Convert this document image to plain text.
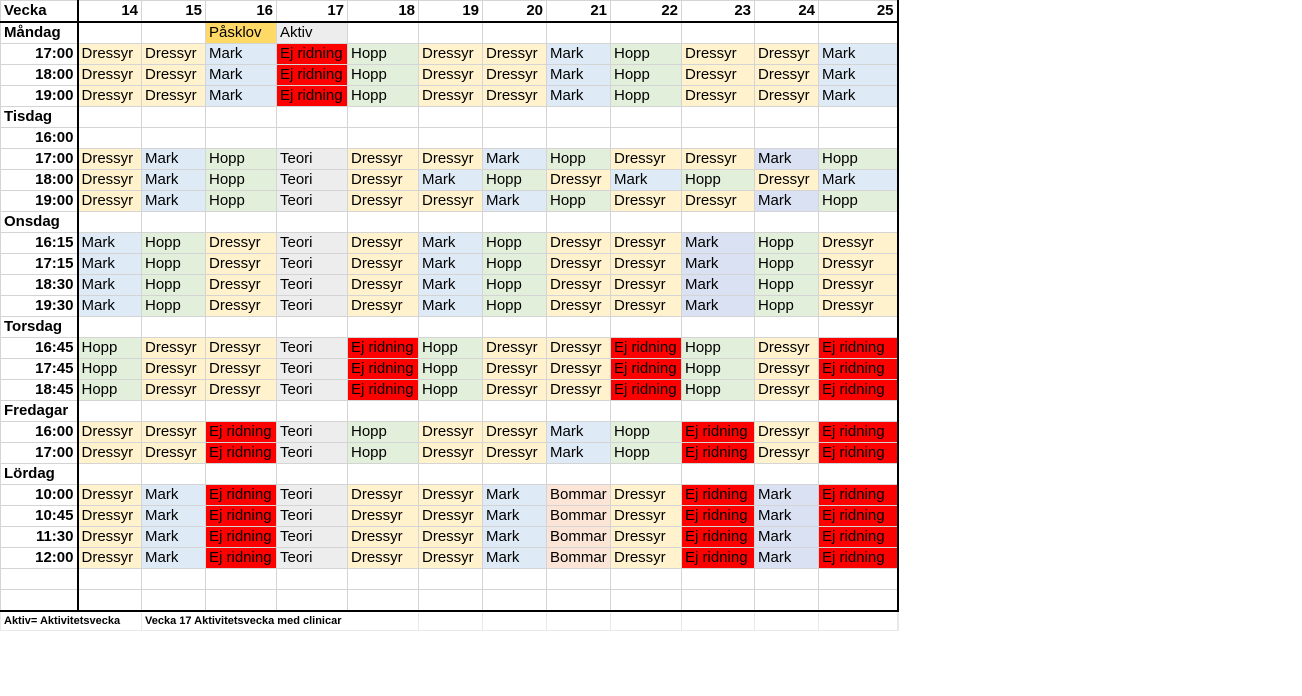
Vecka	14	15	16	17	18	19	20	21	22	23	24	25
Måndag			Påsklov	Aktiv								
17:00	Dressyr	Dressyr	Mark	Ej ridning	Hopp	Dressyr	Dressyr	Mark	Hopp	Dressyr	Dressyr	Mark
18:00	Dressyr	Dressyr	Mark	Ej ridning	Hopp	Dressyr	Dressyr	Mark	Hopp	Dressyr	Dressyr	Mark
19:00	Dressyr	Dressyr	Mark	Ej ridning	Hopp	Dressyr	Dressyr	Mark	Hopp	Dressyr	Dressyr	Mark
Tisdag												
16:00												
17:00	Dressyr	Mark	Hopp	Teori	Dressyr	Dressyr	Mark	Hopp	Dressyr	Dressyr	Mark	Hopp
18:00	Dressyr	Mark	Hopp	Teori	Dressyr	Mark	Hopp	Dressyr	Mark	Hopp	Dressyr	Mark
19:00	Dressyr	Mark	Hopp	Teori	Dressyr	Dressyr	Mark	Hopp	Dressyr	Dressyr	Mark	Hopp
Onsdag												
16:15	Mark	Hopp	Dressyr	Teori	Dressyr	Mark	Hopp	Dressyr	Dressyr	Mark	Hopp	Dressyr
17:15	Mark	Hopp	Dressyr	Teori	Dressyr	Mark	Hopp	Dressyr	Dressyr	Mark	Hopp	Dressyr
18:30	Mark	Hopp	Dressyr	Teori	Dressyr	Mark	Hopp	Dressyr	Dressyr	Mark	Hopp	Dressyr
19:30	Mark	Hopp	Dressyr	Teori	Dressyr	Mark	Hopp	Dressyr	Dressyr	Mark	Hopp	Dressyr
Torsdag												
16:45	Hopp	Dressyr	Dressyr	Teori	Ej ridning	Hopp	Dressyr	Dressyr	Ej ridning	Hopp	Dressyr	Ej ridning
17:45	Hopp	Dressyr	Dressyr	Teori	Ej ridning	Hopp	Dressyr	Dressyr	Ej ridning	Hopp	Dressyr	Ej ridning
18:45	Hopp	Dressyr	Dressyr	Teori	Ej ridning	Hopp	Dressyr	Dressyr	Ej ridning	Hopp	Dressyr	Ej ridning
Fredagar												
16:00	Dressyr	Dressyr	Ej ridning	Teori	Hopp	Dressyr	Dressyr	Mark	Hopp	Ej ridning	Dressyr	Ej ridning
17:00	Dressyr	Dressyr	Ej ridning	Teori	Hopp	Dressyr	Dressyr	Mark	Hopp	Ej ridning	Dressyr	Ej ridning
Lördag												
10:00	Dressyr	Mark	Ej ridning	Teori	Dressyr	Dressyr	Mark	Bommar	Dressyr	Ej ridning	Mark	Ej ridning
10:45	Dressyr	Mark	Ej ridning	Teori	Dressyr	Dressyr	Mark	Bommar	Dressyr	Ej ridning	Mark	Ej ridning
11:30	Dressyr	Mark	Ej ridning	Teori	Dressyr	Dressyr	Mark	Bommar	Dressyr	Ej ridning	Mark	Ej ridning
12:00	Dressyr	Mark	Ej ridning	Teori	Dressyr	Dressyr	Mark	Bommar	Dressyr	Ej ridning	Mark	Ej ridning

Aktiv= Aktivitetsvecka		Vecka 17 Aktivitetsvecka med clinicar										
